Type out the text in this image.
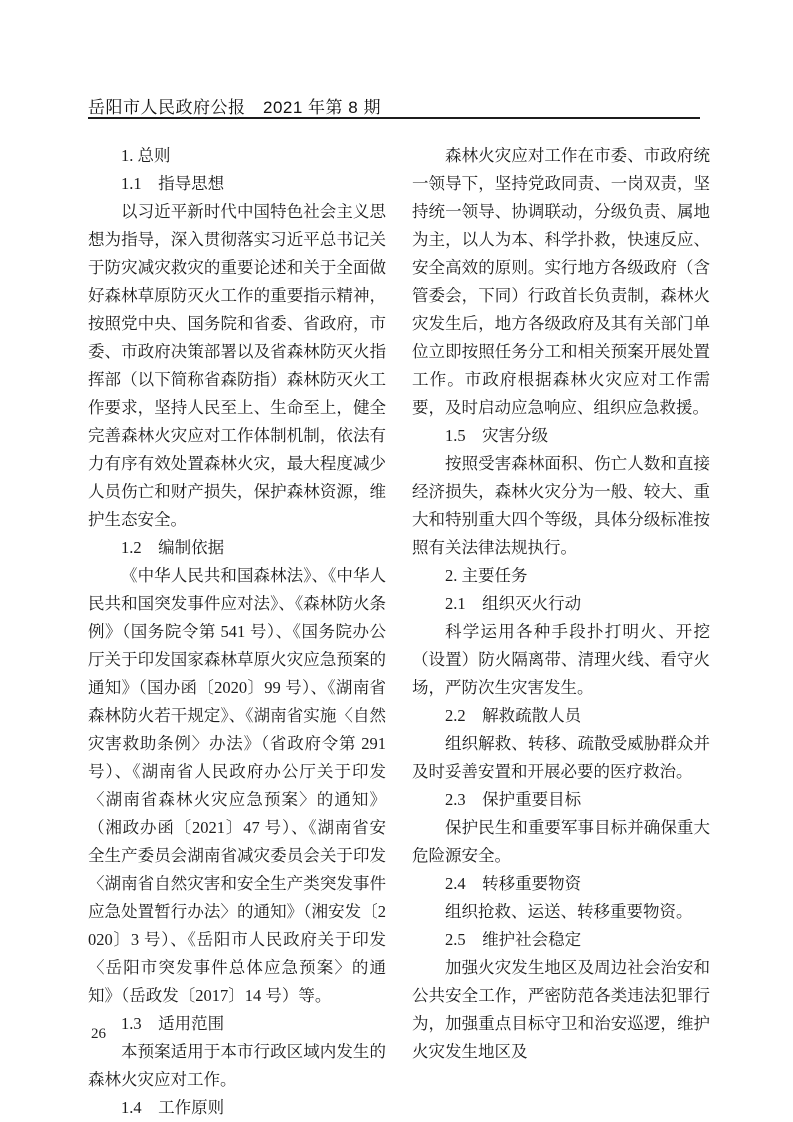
岳阳市人民政府公报　2021 年第 8 期

1. 总则

1.1　指导思想

以习近平新时代中国特色社会主义思想为指导，深入贯彻落实习近平总书记关于防灾减灾救灾的重要论述和关于全面做好森林草原防灭火工作的重要指示精神，按照党中央、国务院和省委、省政府，市委、市政府决策部署以及省森林防灭火指挥部（以下简称省森防指）森林防灭火工作要求，坚持人民至上、生命至上，健全完善森林火灾应对工作体制机制，依法有力有序有效处置森林火灾，最大程度减少人员伤亡和财产损失，保护森林资源，维护生态安全。

1.2　编制依据

《中华人民共和国森林法》、《中华人民共和国突发事件应对法》、《森林防火条例》（国务院令第 541 号）、《国务院办公厅关于印发国家森林草原火灾应急预案的通知》（国办函〔2020〕99 号）、《湖南省森林防火若干规定》、《湖南省实施〈自然灾害救助条例〉办法》（省政府令第 291 号）、《湖南省人民政府办公厅关于印发〈湖南省森林火灾应急预案〉的通知》（湘政办函〔2021〕47 号）、《湖南省安全生产委员会湖南省减灾委员会关于印发〈湖南省自然灾害和安全生产类突发事件应急处置暂行办法〉的通知》（湘安发〔2020〕3 号）、《岳阳市人民政府关于印发〈岳阳市突发事件总体应急预案〉的通知》（岳政发〔2017〕14 号）等。

1.3　适用范围

本预案适用于本市行政区域内发生的森林火灾应对工作。

1.4　工作原则

森林火灾应对工作在市委、市政府统一领导下，坚持党政同责、一岗双责，坚持统一领导、协调联动，分级负责、属地为主，以人为本、科学扑救，快速反应、安全高效的原则。实行地方各级政府（含管委会，下同）行政首长负责制，森林火灾发生后，地方各级政府及其有关部门单位立即按照任务分工和相关预案开展处置工作。市政府根据森林火灾应对工作需要，及时启动应急响应、组织应急救援。

1.5　灾害分级

按照受害森林面积、伤亡人数和直接经济损失，森林火灾分为一般、较大、重大和特别重大四个等级，具体分级标准按照有关法律法规执行。

2. 主要任务

2.1　组织灭火行动

科学运用各种手段扑打明火、开挖（设置）防火隔离带、清理火线、看守火场，严防次生灾害发生。

2.2　解救疏散人员

组织解救、转移、疏散受威胁群众并及时妥善安置和开展必要的医疗救治。

2.3　保护重要目标

保护民生和重要军事目标并确保重大危险源安全。

2.4　转移重要物资

组织抢救、运送、转移重要物资。

2.5　维护社会稳定

加强火灾发生地区及周边社会治安和公共安全工作，严密防范各类违法犯罪行为，加强重点目标守卫和治安巡逻，维护火灾发生地区及

26
